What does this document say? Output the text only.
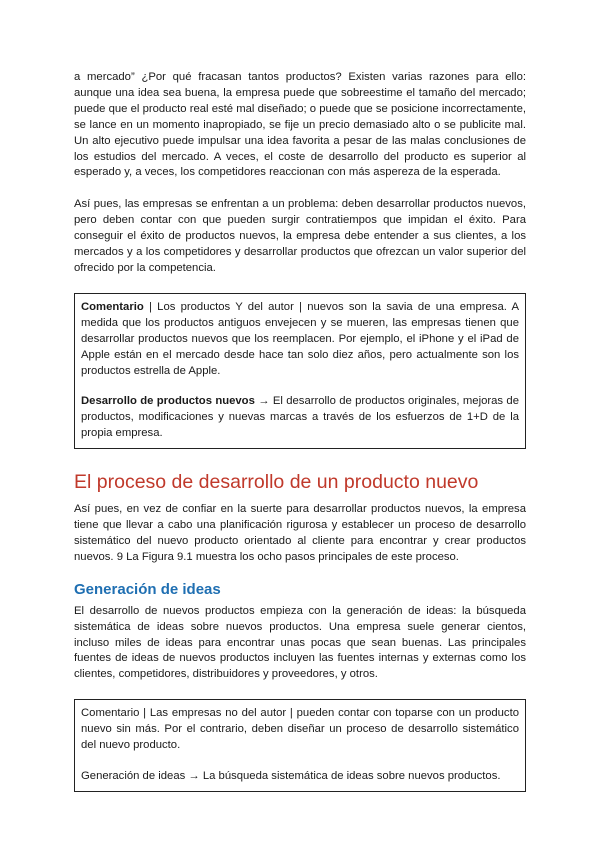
a mercado” ¿Por qué fracasan tantos productos? Existen varias razones para ello: aunque una idea sea buena, la empresa puede que sobreestime el tamaño del mercado; puede que el producto real esté mal diseñado; o puede que se posicione incorrectamente, se lance en un momento inapropiado, se fije un precio demasiado alto o se publicite mal. Un alto ejecutivo puede impulsar una idea favorita a pesar de las malas conclusiones de los estudios del mercado. A veces, el coste de desarrollo del producto es superior al esperado y, a veces, los competidores reaccionan con más aspereza de la esperada.

Así pues, las empresas se enfrentan a un problema: deben desarrollar productos nuevos, pero deben contar con que pueden surgir contratiempos que impidan el éxito. Para conseguir el éxito de productos nuevos, la empresa debe entender a sus clientes, a los mercados y a los competidores y desarrollar productos que ofrezcan un valor superior del ofrecido por la competencia.

Comentario | Los productos Y del autor | nuevos son la savia de una empresa. A medida que los productos antiguos envejecen y se mueren, las empresas tienen que desarrollar productos nuevos que los reemplacen. Por ejemplo, el iPhone y el iPad de Apple están en el mercado desde hace tan solo diez años, pero actualmente son los productos estrella de Apple.

Desarrollo de productos nuevos → El desarrollo de productos originales, mejoras de productos, modificaciones y nuevas marcas a través de los esfuerzos de 1+D de la propia empresa.

El proceso de desarrollo de un producto nuevo

Así pues, en vez de confiar en la suerte para desarrollar productos nuevos, la empresa tiene que llevar a cabo una planificación rigurosa y establecer un proceso de desarrollo sistemático del nuevo producto orientado al cliente para encontrar y crear productos nuevos. 9 La Figura 9.1 muestra los ocho pasos principales de este proceso.

Generación de ideas

El desarrollo de nuevos productos empieza con la generación de ideas: la búsqueda sistemática de ideas sobre nuevos productos. Una empresa suele generar cientos, incluso miles de ideas para encontrar unas pocas que sean buenas. Las principales fuentes de ideas de nuevos productos incluyen las fuentes internas y externas como los clientes, competidores, distribuidores y proveedores, y otros.

Comentario | Las empresas no del autor | pueden contar con toparse con un producto nuevo sin más. Por el contrario, deben diseñar un proceso de desarrollo sistemático del nuevo producto.

Generación de ideas → La búsqueda sistemática de ideas sobre nuevos productos.
